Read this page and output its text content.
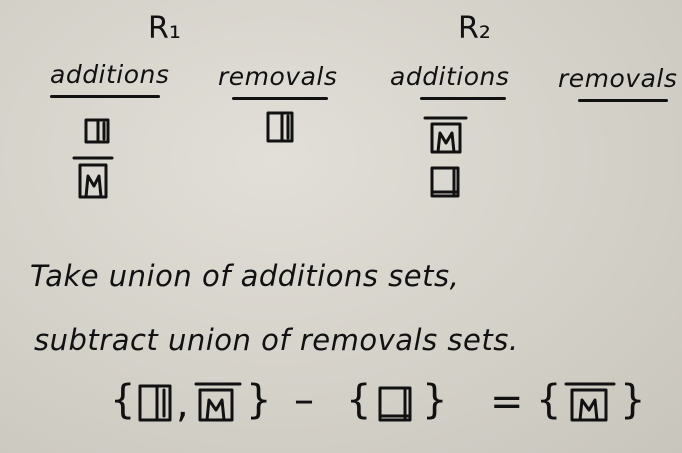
R₁	R₂
additions removals additions removals
Take union of additions sets,
subtract union of removals sets.
{ , } – { } = { }
